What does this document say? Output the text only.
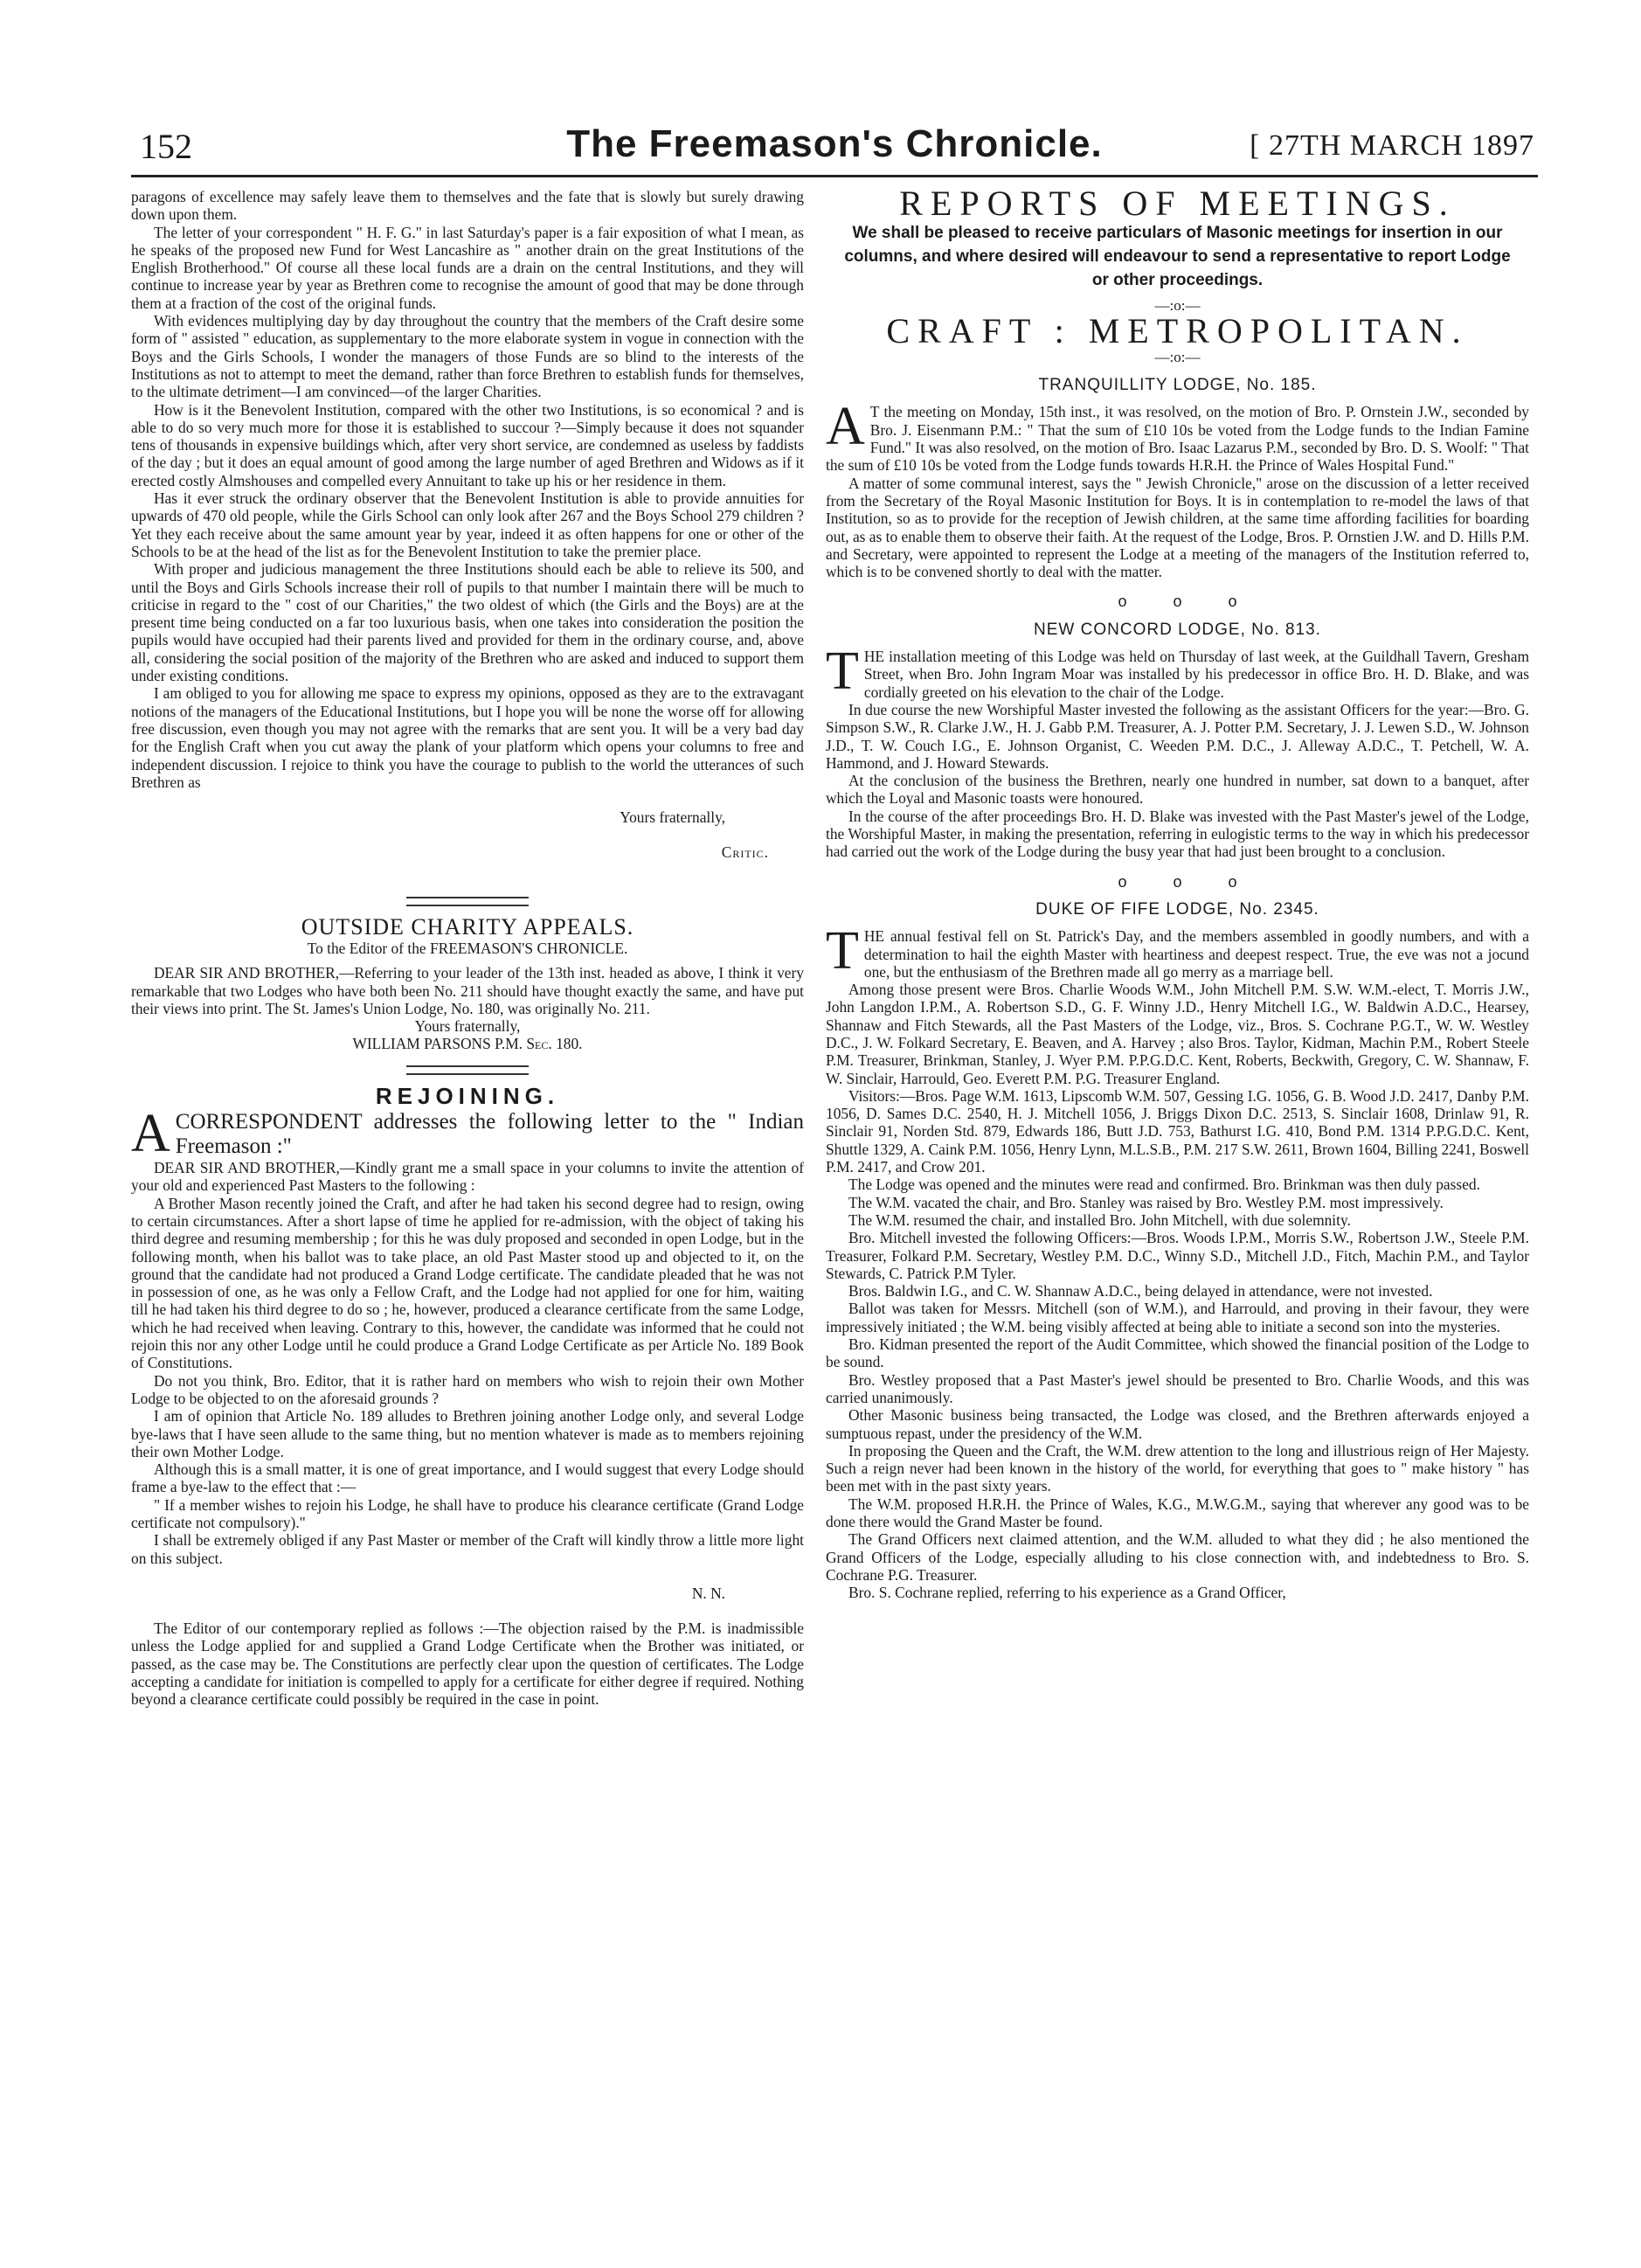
152	The Freemason's Chronicle.	[ 27TH MARCH 1897

paragons of excellence may safely leave them to themselves and the fate that is slowly but surely drawing down upon them.

The letter of your correspondent " H. F. G." in last Saturday's paper is a fair exposition of what I mean, as he speaks of the proposed new Fund for West Lancashire as " another drain on the great Institutions of the English Brotherhood." Of course all these local funds are a drain on the central Institutions, and they will continue to increase year by year as Brethren come to recognise the amount of good that may be done through them at a fraction of the cost of the original funds.

With evidences multiplying day by day throughout the country that the members of the Craft desire some form of " assisted " education, as supplementary to the more elaborate system in vogue in connection with the Boys and the Girls Schools, I wonder the managers of those Funds are so blind to the interests of the Institutions as not to attempt to meet the demand, rather than force Brethren to establish funds for themselves, to the ultimate detriment—I am convinced—of the larger Charities.

How is it the Benevolent Institution, compared with the other two Institutions, is so economical ? and is able to do so very much more for those it is established to succour ?—Simply because it does not squander tens of thousands in expensive buildings which, after very short service, are condemned as useless by faddists of the day ; but it does an equal amount of good among the large number of aged Brethren and Widows as if it erected costly Almshouses and compelled every Annuitant to take up his or her residence in them.

Has it ever struck the ordinary observer that the Benevolent Institution is able to provide annuities for upwards of 470 old people, while the Girls School can only look after 267 and the Boys School 279 children ? Yet they each receive about the same amount year by year, indeed it as often happens for one or other of the Schools to be at the head of the list as for the Benevolent Institution to take the premier place.

With proper and judicious management the three Institutions should each be able to relieve its 500, and until the Boys and Girls Schools increase their roll of pupils to that number I maintain there will be much to criticise in regard to the " cost of our Charities," the two oldest of which (the Girls and the Boys) are at the present time being conducted on a far too luxurious basis, when one takes into consideration the position the pupils would have occupied had their parents lived and provided for them in the ordinary course, and, above all, considering the social position of the majority of the Brethren who are asked and induced to support them under existing conditions.

I am obliged to you for allowing me space to express my opinions, opposed as they are to the extravagant notions of the managers of the Educational Institutions, but I hope you will be none the worse off for allowing free discussion, even though you may not agree with the remarks that are sent you. It will be a very bad day for the English Craft when you cut away the plank of your platform which opens your columns to free and independent discussion. I rejoice to think you have the courage to publish to the world the utterances of such Brethren as

Yours fraternally,

Critic.

OUTSIDE CHARITY APPEALS.
To the Editor of the FREEMASON'S CHRONICLE.

DEAR SIR AND BROTHER,—Referring to your leader of the 13th inst. headed as above, I think it very remarkable that two Lodges who have both been No. 211 should have thought exactly the same, and have put their views into print. The St. James's Union Lodge, No. 180, was originally No. 211.

Yours fraternally,

WILLIAM PARSONS P.M. Sec. 180.

REJOINING.
A CORRESPONDENT addresses the following letter to the " Indian Freemason :"

DEAR SIR AND BROTHER,—Kindly grant me a small space in your columns to invite the attention of your old and experienced Past Masters to the following :

A Brother Mason recently joined the Craft, and after he had taken his second degree had to resign, owing to certain circumstances. After a short lapse of time he applied for re-admission, with the object of taking his third degree and resuming membership ; for this he was duly proposed and seconded in open Lodge, but in the following month, when his ballot was to take place, an old Past Master stood up and objected to it, on the ground that the candidate had not produced a Grand Lodge certificate. The candidate pleaded that he was not in possession of one, as he was only a Fellow Craft, and the Lodge had not applied for one for him, waiting till he had taken his third degree to do so ; he, however, produced a clearance certificate from the same Lodge, which he had received when leaving. Contrary to this, however, the candidate was informed that he could not rejoin this nor any other Lodge until he could produce a Grand Lodge Certificate as per Article No. 189 Book of Constitutions.

Do not you think, Bro. Editor, that it is rather hard on members who wish to rejoin their own Mother Lodge to be objected to on the aforesaid grounds ?

I am of opinion that Article No. 189 alludes to Brethren joining another Lodge only, and several Lodge bye-laws that I have seen allude to the same thing, but no mention whatever is made as to members rejoining their own Mother Lodge.

Although this is a small matter, it is one of great importance, and I would suggest that every Lodge should frame a bye-law to the effect that :—

" If a member wishes to rejoin his Lodge, he shall have to produce his clearance certificate (Grand Lodge certificate not compulsory)."

I shall be extremely obliged if any Past Master or member of the Craft will kindly throw a little more light on this subject.

N. N.

The Editor of our contemporary replied as follows :—The objection raised by the P.M. is inadmissible unless the Lodge applied for and supplied a Grand Lodge Certificate when the Brother was initiated, or passed, as the case may be. The Constitutions are perfectly clear upon the question of certificates. The Lodge accepting a candidate for initiation is compelled to apply for a certificate for either degree if required. Nothing beyond a clearance certificate could possibly be required in the case in point.

REPORTS OF MEETINGS.
We shall be pleased to receive particulars of Masonic meetings for insertion in our columns, and where desired will endeavour to send a representative to report Lodge or other proceedings.
—:o:—
CRAFT : METROPOLITAN.
—:o:—
TRANQUILLITY LODGE, No. 185.
A T the meeting on Monday, 15th inst., it was resolved, on the motion of Bro. P. Ornstein J.W., seconded by Bro. J. Eisenmann P.M.: " That the sum of £10 10s be voted from the Lodge funds to the Indian Famine Fund." It was also resolved, on the motion of Bro. Isaac Lazarus P.M., seconded by Bro. D. S. Woolf: " That the sum of £10 10s be voted from the Lodge funds towards H.R.H. the Prince of Wales Hospital Fund."

A matter of some communal interest, says the " Jewish Chronicle," arose on the discussion of a letter received from the Secretary of the Royal Masonic Institution for Boys. It is in contemplation to re-model the laws of that Institution, so as to provide for the reception of Jewish children, at the same time affording facilities for boarding out, as as to enable them to observe their faith. At the request of the Lodge, Bros. P. Ornstien J.W. and D. Hills P.M. and Secretary, were appointed to represent the Lodge at a meeting of the managers of the Institution referred to, which is to be convened shortly to deal with the matter.

o o o
NEW CONCORD LODGE, No. 813.
T HE installation meeting of this Lodge was held on Thursday of last week, at the Guildhall Tavern, Gresham Street, when Bro. John Ingram Moar was installed by his predecessor in office Bro. H. D. Blake, and was cordially greeted on his elevation to the chair of the Lodge.

In due course the new Worshipful Master invested the following as the assistant Officers for the year:—Bro. G. Simpson S.W., R. Clarke J.W., H. J. Gabb P.M. Treasurer, A. J. Potter P.M. Secretary, J. J. Lewen S.D., W. Johnson J.D., T. W. Couch I.G., E. Johnson Organist, C. Weeden P.M. D.C., J. Alleway A.D.C., T. Petchell, W. A. Hammond, and J. Howard Stewards.

At the conclusion of the business the Brethren, nearly one hundred in number, sat down to a banquet, after which the Loyal and Masonic toasts were honoured.

In the course of the after proceedings Bro. H. D. Blake was invested with the Past Master's jewel of the Lodge, the Worshipful Master, in making the presentation, referring in eulogistic terms to the way in which his predecessor had carried out the work of the Lodge during the busy year that had just been brought to a conclusion.

o o o
DUKE OF FIFE LODGE, No. 2345.
T HE annual festival fell on St. Patrick's Day, and the members assembled in goodly numbers, and with a determination to hail the eighth Master with heartiness and deepest respect. True, the eve was not a jocund one, but the enthusiasm of the Brethren made all go merry as a marriage bell.

Among those present were Bros. Charlie Woods W.M., John Mitchell P.M. S.W. W.M.-elect, T. Morris J.W., John Langdon I.P.M., A. Robertson S.D., G. F. Winny J.D., Henry Mitchell I.G., W. Baldwin A.D.C., Hearsey, Shannaw and Fitch Stewards, all the Past Masters of the Lodge, viz., Bros. S. Cochrane P.G.T., W. W. Westley D.C., J. W. Folkard Secretary, E. Beaven, and A. Harvey ; also Bros. Taylor, Kidman, Machin P.M., Robert Steele P.M. Treasurer, Brinkman, Stanley, J. Wyer P.M. P.P.G.D.C. Kent, Roberts, Beckwith, Gregory, C. W. Shannaw, F. W. Sinclair, Harrould, Geo. Everett P.M. P.G. Treasurer England.

Visitors:—Bros. Page W.M. 1613, Lipscomb W.M. 507, Gessing I.G. 1056, G. B. Wood J.D. 2417, Danby P.M. 1056, D. Sames D.C. 2540, H. J. Mitchell 1056, J. Briggs Dixon D.C. 2513, S. Sinclair 1608, Drinlaw 91, R. Sinclair 91, Norden Std. 879, Edwards 186, Butt J.D. 753, Bathurst I.G. 410, Bond P.M. 1314 P.P.G.D.C. Kent, Shuttle 1329, A. Caink P.M. 1056, Henry Lynn, M.L.S.B., P.M. 217 S.W. 2611, Brown 1604, Billing 2241, Boswell P.M. 2417, and Crow 201.

The Lodge was opened and the minutes were read and confirmed. Bro. Brinkman was then duly passed.

The W.M. vacated the chair, and Bro. Stanley was raised by Bro. Westley P.M. most impressively.

The W.M. resumed the chair, and installed Bro. John Mitchell, with due solemnity.

Bro. Mitchell invested the following Officers:—Bros. Woods I.P.M., Morris S.W., Robertson J.W., Steele P.M. Treasurer, Folkard P.M. Secretary, Westley P.M. D.C., Winny S.D., Mitchell J.D., Fitch, Machin P.M., and Taylor Stewards, C. Patrick P.M Tyler.

Bros. Baldwin I.G., and C. W. Shannaw A.D.C., being delayed in attendance, were not invested.

Ballot was taken for Messrs. Mitchell (son of W.M.), and Harrould, and proving in their favour, they were impressively initiated ; the W.M. being visibly affected at being able to initiate a second son into the mysteries.

Bro. Kidman presented the report of the Audit Committee, which showed the financial position of the Lodge to be sound.

Bro. Westley proposed that a Past Master's jewel should be presented to Bro. Charlie Woods, and this was carried unanimously.

Other Masonic business being transacted, the Lodge was closed, and the Brethren afterwards enjoyed a sumptuous repast, under the presidency of the W.M.

In proposing the Queen and the Craft, the W.M. drew attention to the long and illustrious reign of Her Majesty. Such a reign never had been known in the history of the world, for everything that goes to " make history " has been met with in the past sixty years.

The W.M. proposed H.R.H. the Prince of Wales, K.G., M.W.G.M., saying that wherever any good was to be done there would the Grand Master be found.

The Grand Officers next claimed attention, and the W.M. alluded to what they did ; he also mentioned the Grand Officers of the Lodge, especially alluding to his close connection with, and indebtedness to Bro. S. Cochrane P.G. Treasurer.

Bro. S. Cochrane replied, referring to his experience as a Grand Officer,
